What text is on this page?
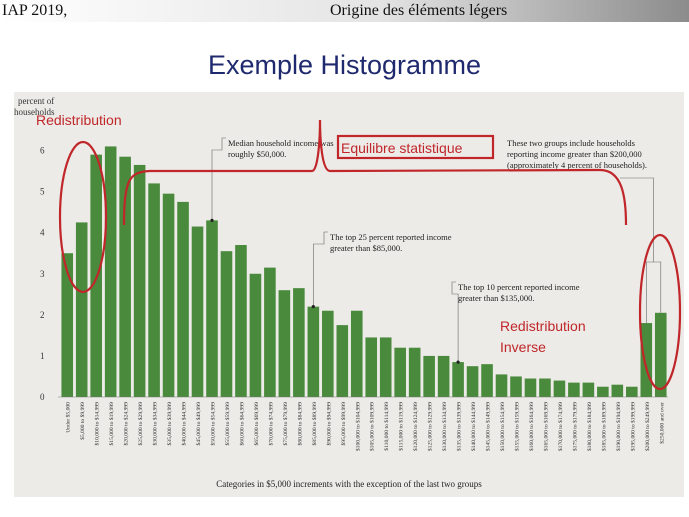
IAP 2019,	Origine des éléments légers
Exemple Histogramme
Under $5,000 $5,000 to $9,999 $10,000 to $14,999 $15,000 to $19,999 $20,000 to $24,999 $25,000 to $29,999 $30,000 to $34,999 $35,000 to $39,999 $40,000 to $44,999 $45,000 to $49,999 $50,000 to $54,999 $55,000 to $59,999 $60,000 to $64,999 $65,000 to $69,999 $70,000 to $74,999 $75,000 to $79,999 $80,000 to $84,999 $85,000 to $89,999 $90,000 to $94,999 $95,000 to $99,999 $100,000 to $104,999 $105,000 to $109,999 $110,000 to $114,999 $115,000 to $119,999 $120,000 to $124,999 $125,000 to $129,999 $130,000 to $134,999 $135,000 to $139,999 $140,000 to $144,999 $145,000 to $149,999 $150,000 to $154,999 $155,000 to $159,999 $160,000 to $164,999 $165,000 to $169,999 $170,000 to $174,999 $175,000 to $179,999 $180,000 to $184,999 $185,000 to $189,999 $190,000 to $194,999 $195,000 to $199,999 $200,000 to $249,999 $250,000 and over
0
1
2
3
4
5
6
Median household income was
roughly $50,000.
The top 25 percent reported income
greater than $85,000.
The top 10 percent reported income
greater than $135,000.
These two groups include households
reporting income greater than $200,000
(approximately 4 percent of households).
percent of
households
Categories in $5,000 increments with the exception of the last two groups
Redistribution
Equilibre statistique
Redistribution
Inverse
